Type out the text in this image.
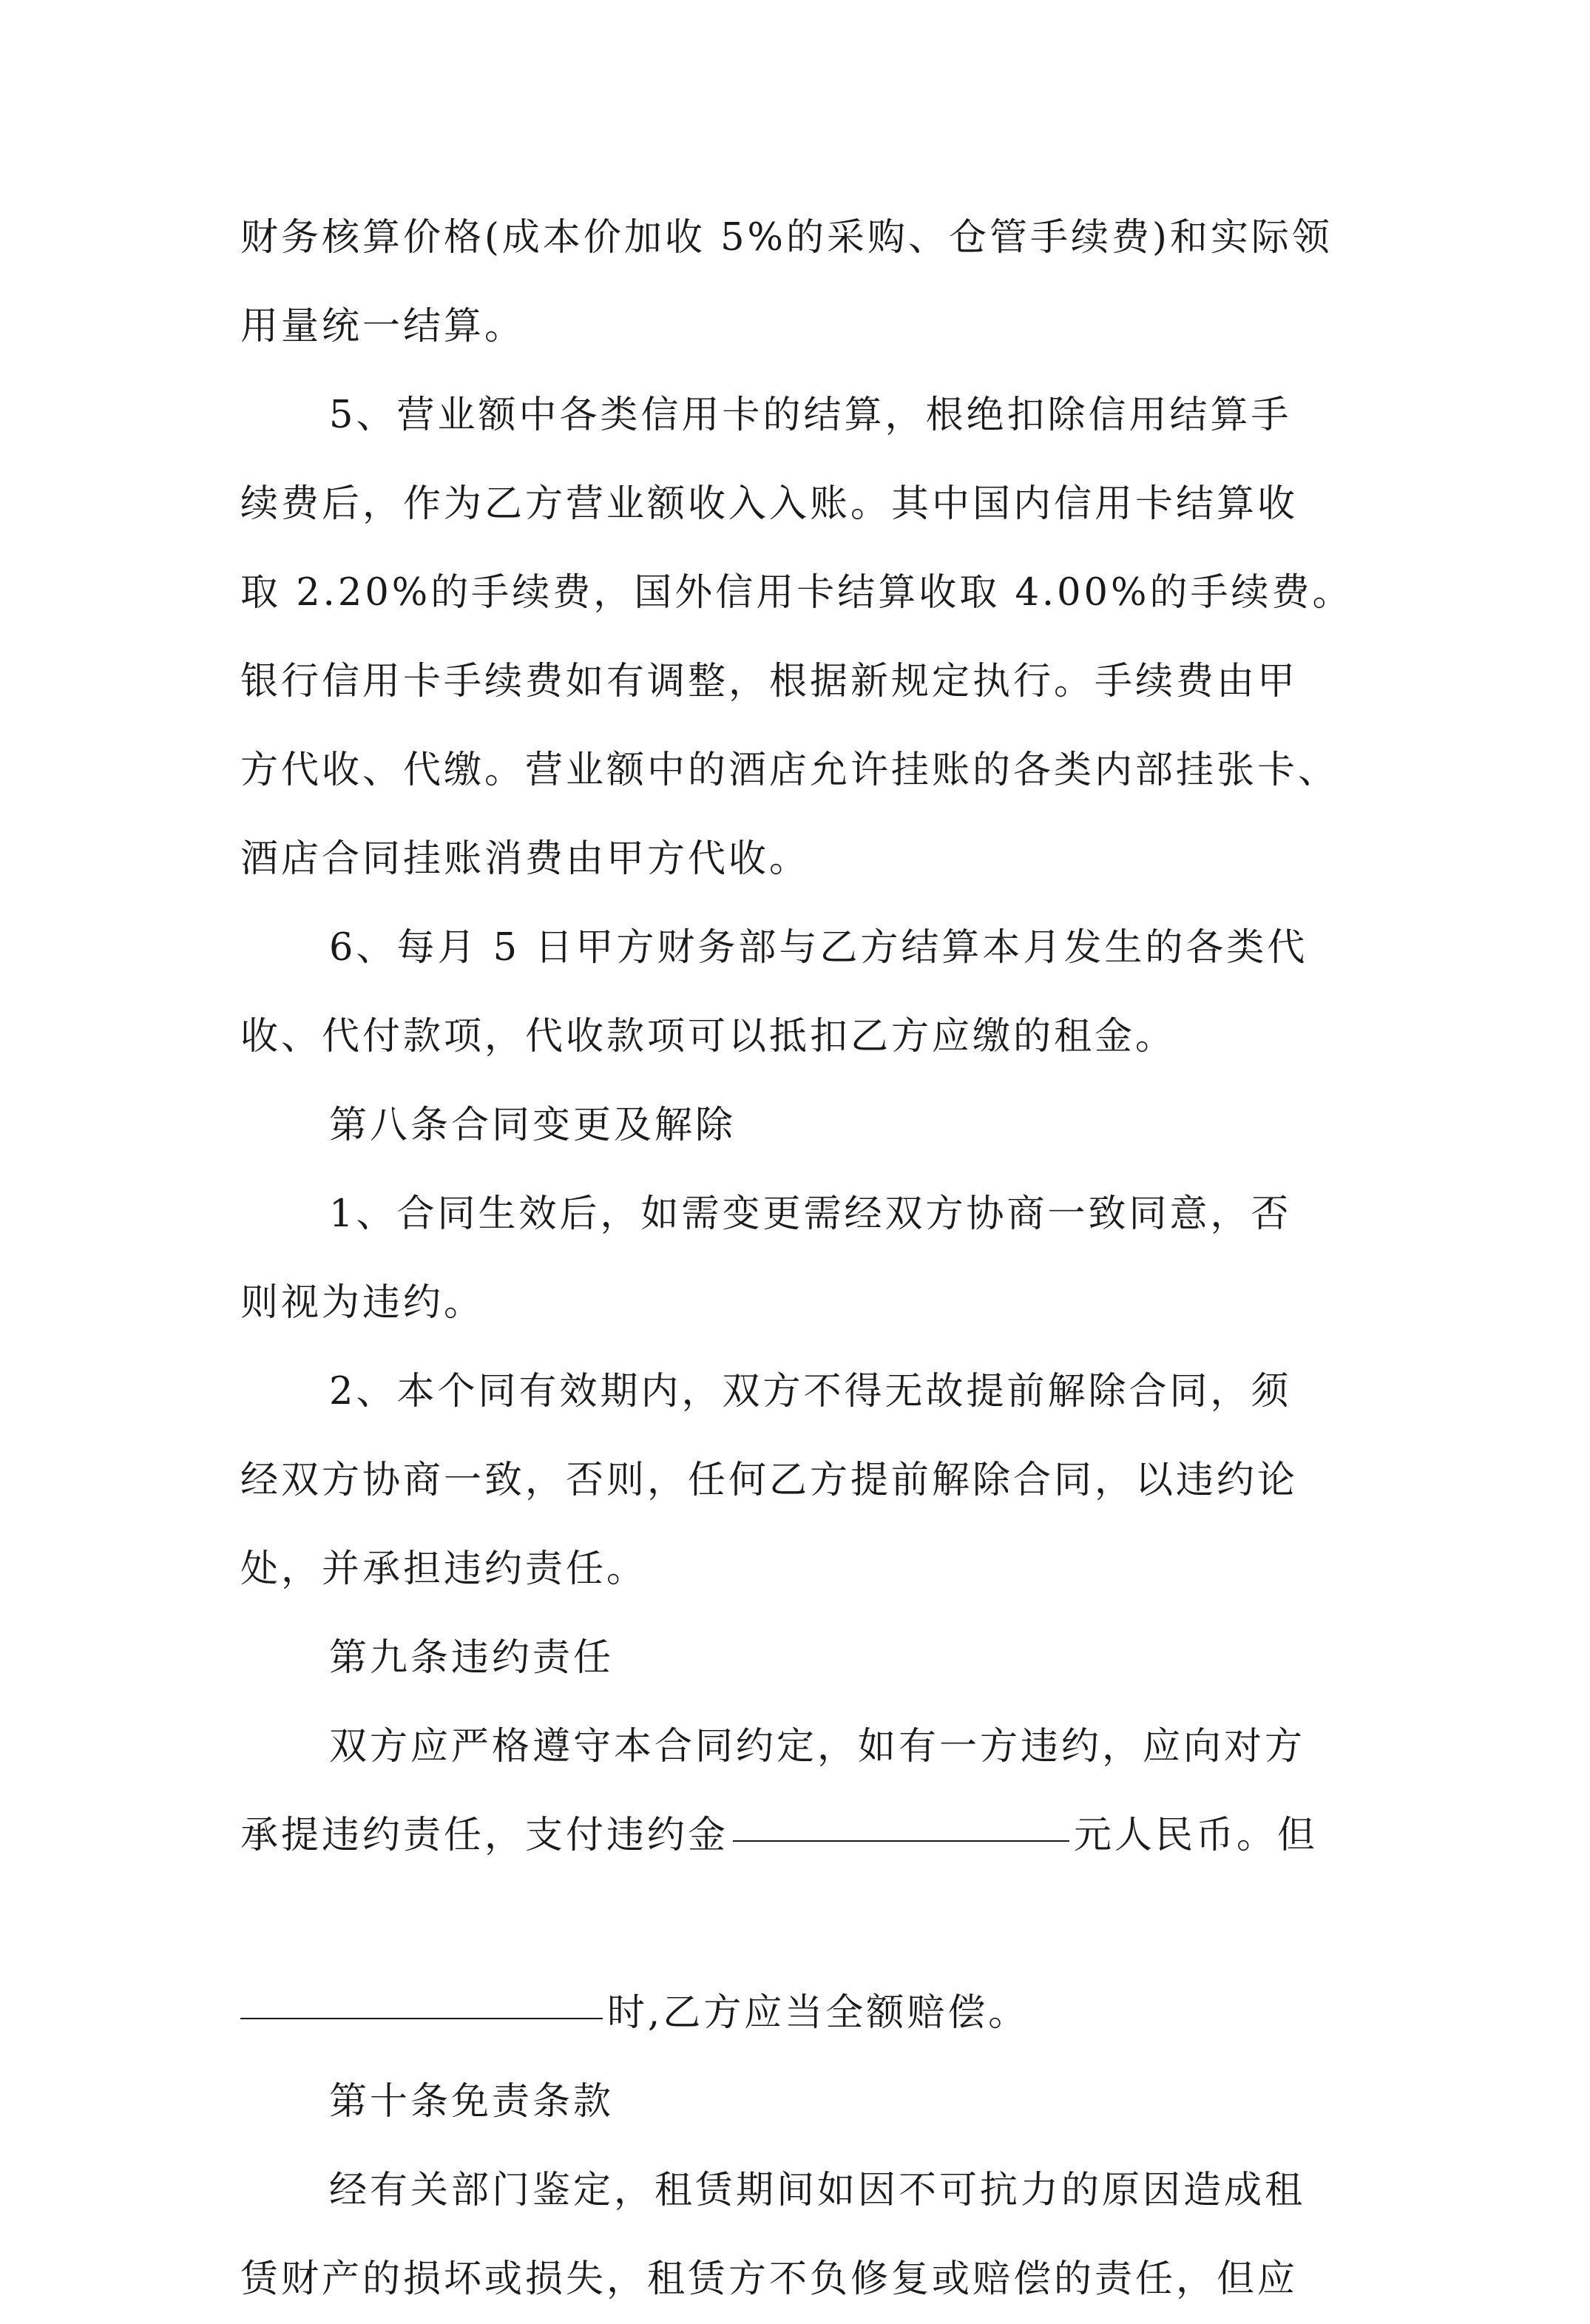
财务核算价格(成本价加收 5%的采购、仓管手续费)和实际领
用量统一结算。
5、营业额中各类信用卡的结算，根绝扣除信用结算手
续费后，作为乙方营业额收入入账。其中国内信用卡结算收
取 2.20%的手续费，国外信用卡结算收取 4.00%的手续费。
银行信用卡手续费如有调整，根据新规定执行。手续费由甲
方代收、代缴。营业额中的酒店允许挂账的各类内部挂张卡、
酒店合同挂账消费由甲方代收。
6、每月 5 日甲方财务部与乙方结算本月发生的各类代
收、代付款项，代收款项可以抵扣乙方应缴的租金。
第八条合同变更及解除
1、合同生效后，如需变更需经双方协商一致同意，否
则视为违约。
2、本个同有效期内，双方不得无故提前解除合同，须
经双方协商一致，否则，任何乙方提前解除合同，以违约论
处，并承担违约责任。
第九条违约责任
双方应严格遵守本合同约定，如有一方违约，应向对方
承提违约责任，支付违约金	元人民币。但
时,乙方应当全额赔偿。
第十条免责条款
经有关部门鉴定，租赁期间如因不可抗力的原因造成租
赁财产的损坏或损失，租赁方不负修复或赔偿的责任，但应
